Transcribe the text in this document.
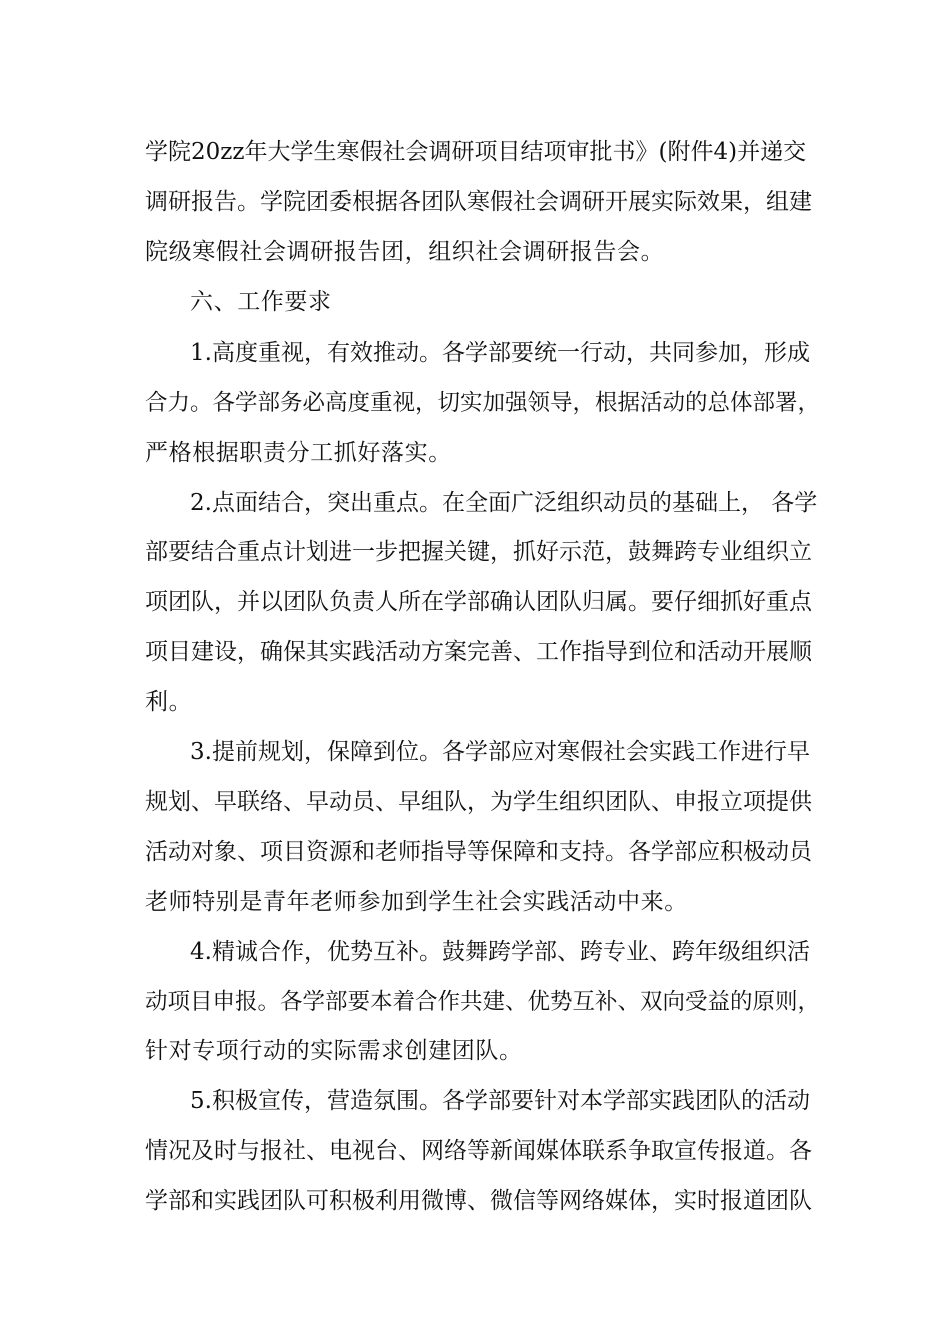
学院20zz年大学生寒假社会调研项目结项审批书》(附件4)并递交
调研报告。学院团委根据各团队寒假社会调研开展实际效果，组建
院级寒假社会调研报告团，组织社会调研报告会。
六、工作要求
1.高度重视，有效推动。各学部要统一行动，共同参加，形成
合力。各学部务必高度重视，切实加强领导，根据活动的总体部署，
严格根据职责分工抓好落实。
2.点面结合，突出重点。在全面广泛组织动员的基础上， 各学
部要结合重点计划进一步把握关键，抓好示范，鼓舞跨专业组织立
项团队，并以团队负责人所在学部确认团队归属。要仔细抓好重点
项目建设，确保其实践活动方案完善、工作指导到位和活动开展顺
利。
3.提前规划，保障到位。各学部应对寒假社会实践工作进行早
规划、早联络、早动员、早组队，为学生组织团队、申报立项提供
活动对象、项目资源和老师指导等保障和支持。各学部应积极动员
老师特别是青年老师参加到学生社会实践活动中来。
4.精诚合作，优势互补。鼓舞跨学部、跨专业、跨年级组织活
动项目申报。各学部要本着合作共建、优势互补、双向受益的原则，
针对专项行动的实际需求创建团队。
5.积极宣传，营造氛围。各学部要针对本学部实践团队的活动
情况及时与报社、电视台、网络等新闻媒体联系争取宣传报道。各
学部和实践团队可积极利用微博、微信等网络媒体，实时报道团队
